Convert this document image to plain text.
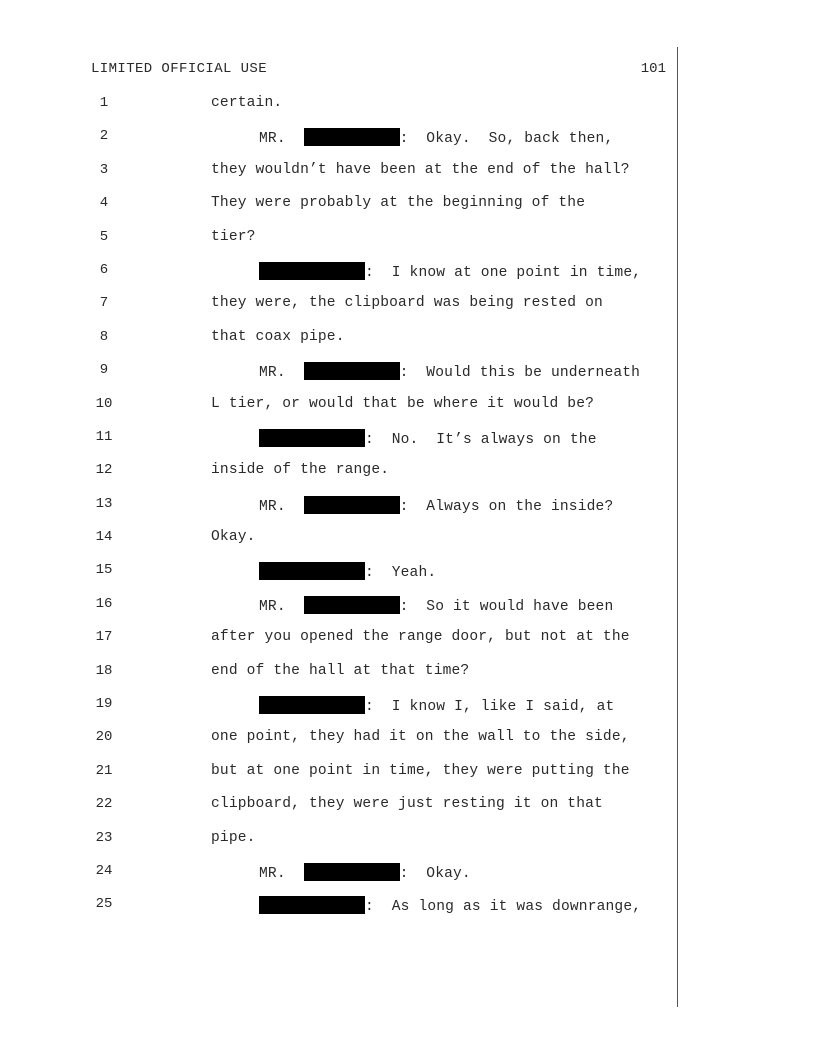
LIMITED OFFICIAL USE	101
1	certain.
2	MR.	:  Okay.  So, back then,
3	they wouldn’t have been at the end of the hall?
4	They were probably at the beginning of the
5	tier?
6	:  I know at one point in time,
7	they were, the clipboard was being rested on
8	that coax pipe.
9	MR.	:  Would this be underneath
10	L tier, or would that be where it would be?
11	:  No.  It’s always on the
12	inside of the range.
13	MR.	:  Always on the inside?
14	Okay.
15	:  Yeah.
16	MR.	:  So it would have been
17	after you opened the range door, but not at the
18	end of the hall at that time?
19	:  I know I, like I said, at
20	one point, they had it on the wall to the side,
21	but at one point in time, they were putting the
22	clipboard, they were just resting it on that
23	pipe.
24	MR.	:  Okay.
25	:  As long as it was downrange,
